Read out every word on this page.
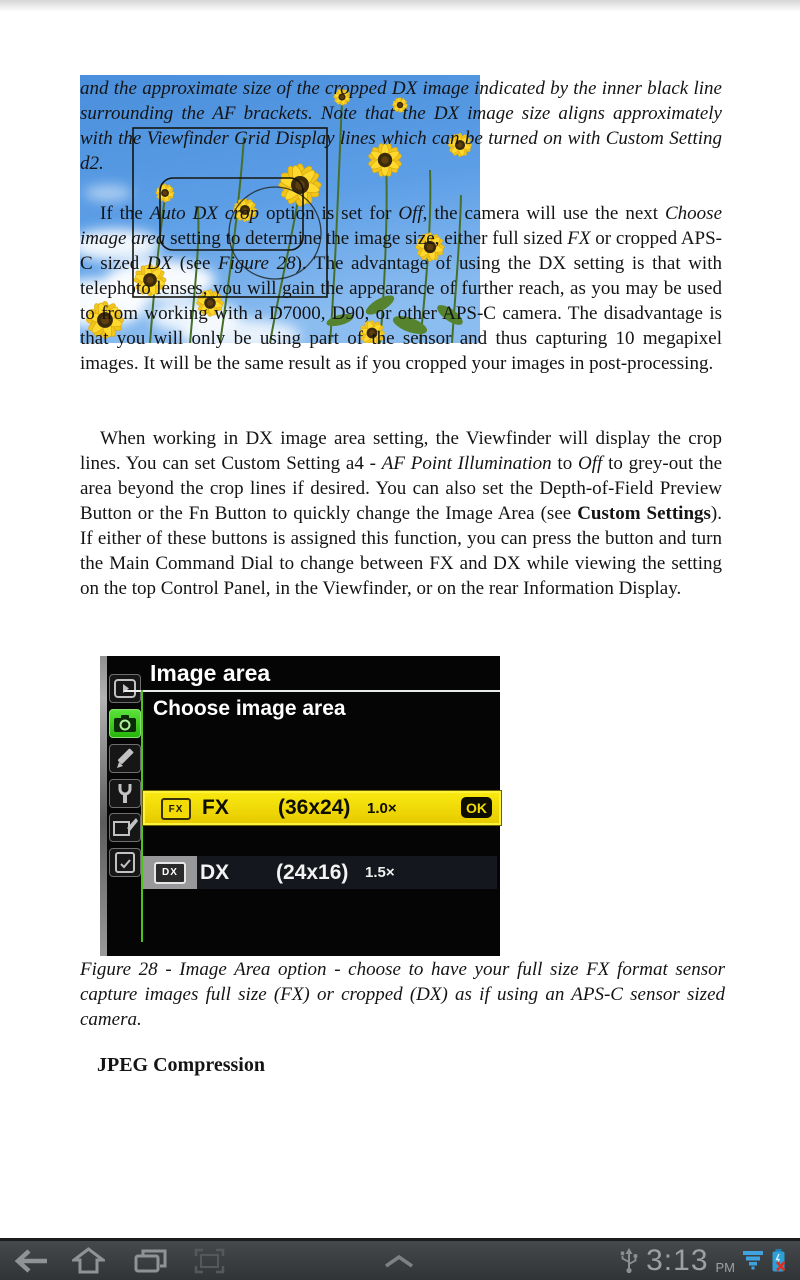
and the approximate size of the cropped DX image indicated by the inner black line surrounding the AF brackets. Note that the DX image size aligns approximately with the Viewfinder Grid Display lines which can be turned on with Custom Setting d2.

If the Auto DX crop option is set for Off, the camera will use the next Choose image area setting to determine the image size, either full sized FX or cropped APS-C sized DX (see Figure 28). The advantage of using the DX setting is that with telephoto lenses, you will gain the appearance of further reach, as you may be used to from working with a D7000, D90, or other APS-C camera. The disadvantage is that you will only be using part of the sensor and thus capturing 10 megapixel images. It will be the same result as if you cropped your images in post-processing.

When working in DX image area setting, the Viewfinder will display the crop lines. You can set Custom Setting a4 - AF Point Illumination to Off to grey-out the area beyond the crop lines if desired. You can also set the Depth-of-Field Preview Button or the Fn Button to quickly change the Image Area (see Custom Settings). If either of these buttons is assigned this function, you can press the button and turn the Main Command Dial to change between FX and DX while viewing the setting on the top Control Panel, in the Viewfinder, or on the rear Information Display.

Image area
Choose image area
FX FX (36x24) 1.0×	OK
DX	DX (24x16) 1.5×

Figure 28 - Image Area option - choose to have your full size FX format sensor capture images full size (FX) or cropped (DX) as if using an APS-C sensor sized camera.

JPEG Compression
3:13 PM
